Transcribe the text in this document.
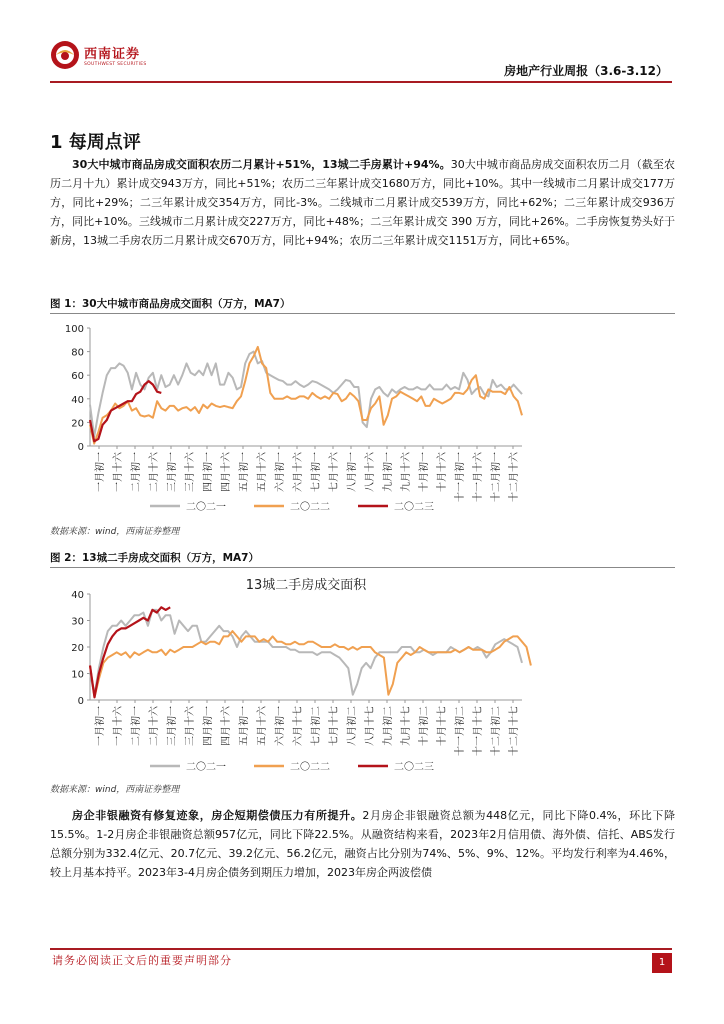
西南证券
SOUTHWEST SECURITIES	房地产行业周报（3.6-3.12）
1 每周点评
30大中城市商品房成交面积农历二月累计+51%，13城二手房累计+94%。30大中城市商品房成交面积农历二月（截至农历二月十九）累计成交943万方，同比+51%；农历二三年累计成交1680万方，同比+10%。其中一线城市二月累计成交177万方，同比+29%；二三年累计成交354万方，同比-3%。二线城市二月累计成交539万方，同比+62%；二三年累计成交936万方，同比+10%。三线城市二月累计成交227万方，同比+48%；二三年累计成交 390 万方，同比+26%。二手房恢复势头好于新房，13城二手房农历二月累计成交670万方，同比+94%；农历二三年累计成交1151万方，同比+65%。
图 1：30大中城市商品房成交面积（万方，MA7）
0
20
40
60
80
100
一月初一 一月十六 二月初一 二月十六 三月初一 三月十六 四月初一 四月十六 五月初一 五月十六 六月初一 六月十六 七月初一 七月十六 八月初一 八月十六 九月初一 九月十六 十月初一 十月十六 十一月初一 十一月十六 十二月初一 十二月十六
二〇二一	二〇二二	二〇二三
数据来源：wind，西南证券整理
图 2：13城二手房成交面积（万方，MA7）
13城二手房成交面积
0
10
20
30
40
一月初一 一月十六 二月初一 二月十六 三月初一 三月十六 四月初一 四月十六 五月初一 五月十六 六月初一 六月十七 七月初二 七月十七 八月初二 八月十七 九月初二 九月十七 十月初二 十月十七 十一月初二 十一月十七 十二月初二 十二月十七
二〇二一	二〇二二	二〇二三
数据来源：wind，西南证券整理
房企非银融资有修复迹象，房企短期偿债压力有所提升。2月房企非银融资总额为448亿元，同比下降0.4%，环比下降15.5%。1-2月房企非银融资总额957亿元，同比下降22.5%。从融资结构来看，2023年2月信用债、海外债、信托、ABS发行总额分别为332.4亿元、20.7亿元、39.2亿元、56.2亿元，融资占比分别为74%、5%、9%、12%。平均发行利率为4.46%，较上月基本持平。2023年3-4月房企债务到期压力增加，2023年房企两波偿债
请务必阅读正文后的重要声明部分	1
